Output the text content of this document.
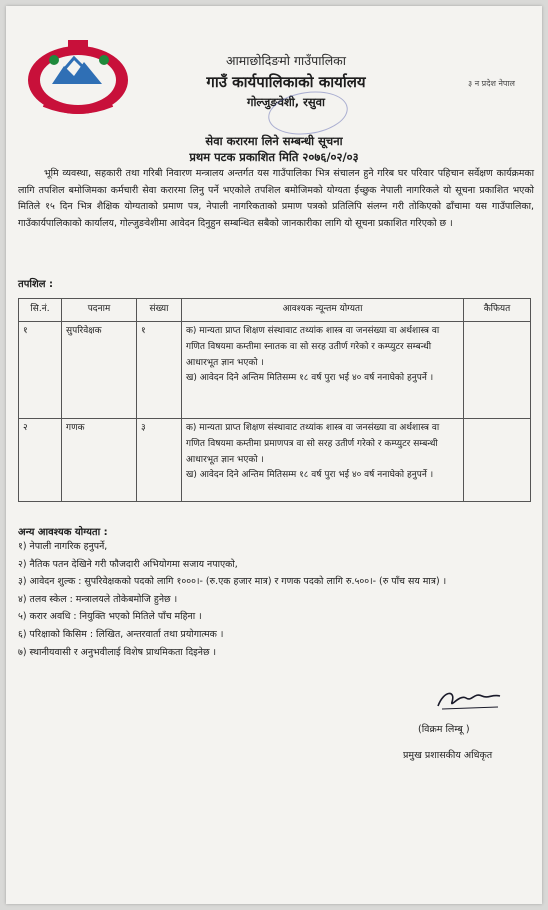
आमाछोदिङमो गाउँपालिका
गाउँ कार्यपालिकाको कार्यालय
गोल्जुङवेशी, रसुवा
३ न प्रदेश नेपाल
सेवा करारमा लिने सम्बन्धी सूचना
प्रथम पटक प्रकाशित मिति २०७६/०२/०३
भूमि व्यवस्था, सहकारी तथा गरिबी निवारण मन्त्रालय अन्तर्गत यस गाउँपालिका भित्र संचालन हुने गरिब घर परिवार पहिचान सर्वेक्षण कार्यक्रमका लागि तपशिल बमोजिमका कर्मचारी सेवा करारमा लिनु पर्ने भएकोले तपशिल बमोजिमको योग्यता ईच्छुक नेपाली नागरिकले यो सूचना प्रकाशित भएको मितिले १५ दिन भित्र शैक्षिक योग्यताको प्रमाण पत्र, नेपाली नागरिकताको प्रमाण पत्रको प्रतिलिपि संलग्न गरी तोकिएको ढाँचामा यस गाउँपालिका, गाउँकार्यपालिकाको कार्यालय, गोल्जुङवेशीमा आवेदन दिनुहुन सम्बन्धित सबैको जानकारीका लागि यो सूचना प्रकाशित गरिएको छ ।
तपशिल :
सि.नं.	पदनाम	संख्या	आवश्यक न्यून्तम योग्यता	कैफियत
१	सुपरिवेक्षक	१	क) मान्यता प्राप्त शिक्षण संस्थावाट तथ्यांक शास्त्र वा जनसंख्या वा अर्थशास्त्र वा गणित विषयमा कम्तीमा स्नातक वा सो सरह उतीर्ण गरेको र कम्प्युटर सम्बन्धी आधारभूत ज्ञान भएको ।

ख) आवेदन दिने अन्तिम मितिसम्म १८ वर्ष पुरा भई ४० वर्ष ननाघेको हनुपर्ने ।	

२	गणक	३	क) मान्यता प्राप्त शिक्षण संस्थावाट तथ्यांक शास्त्र वा जनसंख्या वा अर्थशास्त्र वा गणित विषयमा कम्तीमा प्रमाणपत्र वा सो सरह उतीर्ण गरेको र कम्प्युटर सम्बन्धी आधारभूत ज्ञान भएको ।

ख) आवेदन दिने अन्तिम मितिसम्म १८ वर्ष पुरा भई ४० वर्ष ननाघेको हनुपर्ने ।	

अन्य आवश्यक योग्यता :
१) नेपाली नागरिक हनुपर्ने,
२) नैतिक पतन देखिने गरी फौजदारी अभियोगमा सजाय नपाएको,
३) आवेदन शुल्क : सुपरिवेक्षकको पदको लागि १०००।- (रु.एक हजार मात्र) र गणक पदको लागि रु.५००।- (रु पाँच सय मात्र) ।
४) तलव स्केल : मन्त्रालयले तोकेबमोजि हुनेछ ।
५) करार अवधि : नियुक्ति भएको मितिले पाँच महिना ।
६) परिक्षाको किसिम : लिखित, अन्तरवार्ता तथा प्रयोगात्मक ।
७) स्थानीयवासी र अनुभवीलाई विशेष प्राथमिकता दिइनेछ ।
(विक्रम लिम्बू )
प्रमुख प्रशासकीय अधिकृत
